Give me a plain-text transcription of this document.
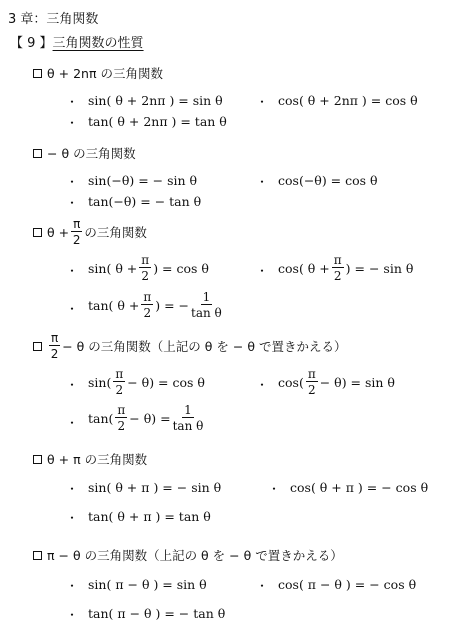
3 章：三角関数
【 9 】三角関数の性質
θ + 2nπ の三角関数
・ sin( θ + 2nπ ) = sin θ	・ cos( θ + 2nπ ) = cos θ
・ tan( θ + 2nπ ) = tan θ
− θ の三角関数
・ sin(−θ) = − sin θ	・ cos(−θ) = cos θ
・ tan(−θ) = − tan θ
$\theta + \frac{\pi}{2}$ の三角関数
・ sin( $\theta + \frac{\pi}{2}$ ) = cos θ	・ cos( $\theta + \frac{\pi}{2}$ ) = − sin θ
・ tan( $\theta + \frac{\pi}{2}$ ) = − $\frac{1}{\text{tan θ}}$
$\frac{\pi}{2} - \theta$ の三角関数（上記の θ を − θ で置きかえる）
・ $\sin( \frac{\pi}{2} - \theta) = \cos \theta$	・ $\cos( \frac{\pi}{2} - \theta) = \sin \theta$
・ $\tan( \frac{\pi}{2} - \theta) = \frac{1}{\text{tan θ}}$
θ + π の三角関数
・ sin( θ + π ) = − sin θ	・ cos( θ + π ) = − cos θ
・ tan( θ + π ) = tan θ
π − θ の三角関数（上記の θ を − θ で置きかえる）
・ sin( π − θ ) = sin θ	・ cos( π − θ ) = − cos θ
・ tan( π − θ ) = − tan θ
